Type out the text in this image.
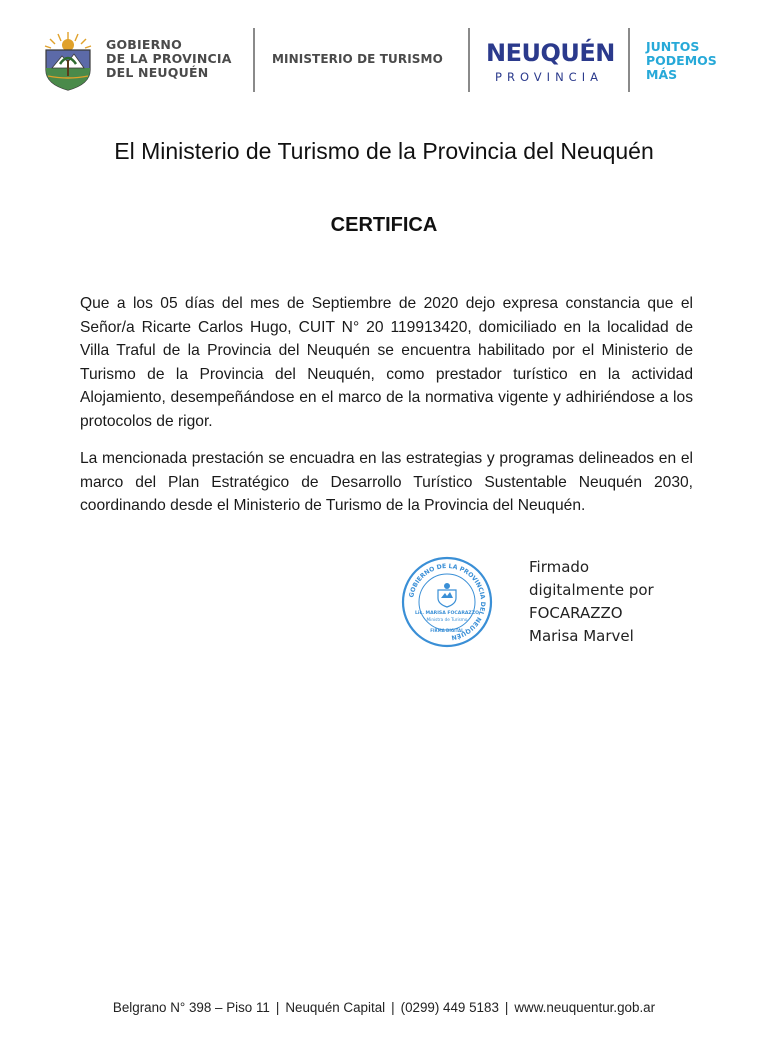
GOBIERNO
DE LA PROVINCIA
DEL NEUQUÉN
MINISTERIO DE TURISMO NEUQUÉN
PROVINCIA
JUNTOS
PODEMOS
MÁS
El Ministerio de Turismo de la Provincia del Neuquén
CERTIFICA
Que a los 05 días del mes de Septiembre de 2020 dejo expresa constancia que el Señor/a Ricarte Carlos Hugo, CUIT N° 20 119913420, domiciliado en la localidad de Villa Traful de la Provincia del Neuquén se encuentra habilitado por el Ministerio de Turismo de la Provincia del Neuquén, como prestador turístico en la actividad Alojamiento, desempeñándose en el marco de la normativa vigente y adhiriéndose a los protocolos de rigor.
La mencionada prestación se encuadra en las estrategias y programas delineados en el marco del Plan Estratégico de Desarrollo Turístico Sustentable Neuquén 2030, coordinando desde el Ministerio de Turismo de la Provincia del Neuquén.
GOBIERNO DE LA PROVINCIA DEL NEUQUÉN
Lic. MARISA FOCARAZZO
Ministra de Turismo
FIRMA DIGITAL
Firmado
digitalmente por
FOCARAZZO
Marisa Marvel
Belgrano N° 398 – Piso 11 | Neuquén Capital | (0299) 449 5183 | www.neuquentur.gob.ar
